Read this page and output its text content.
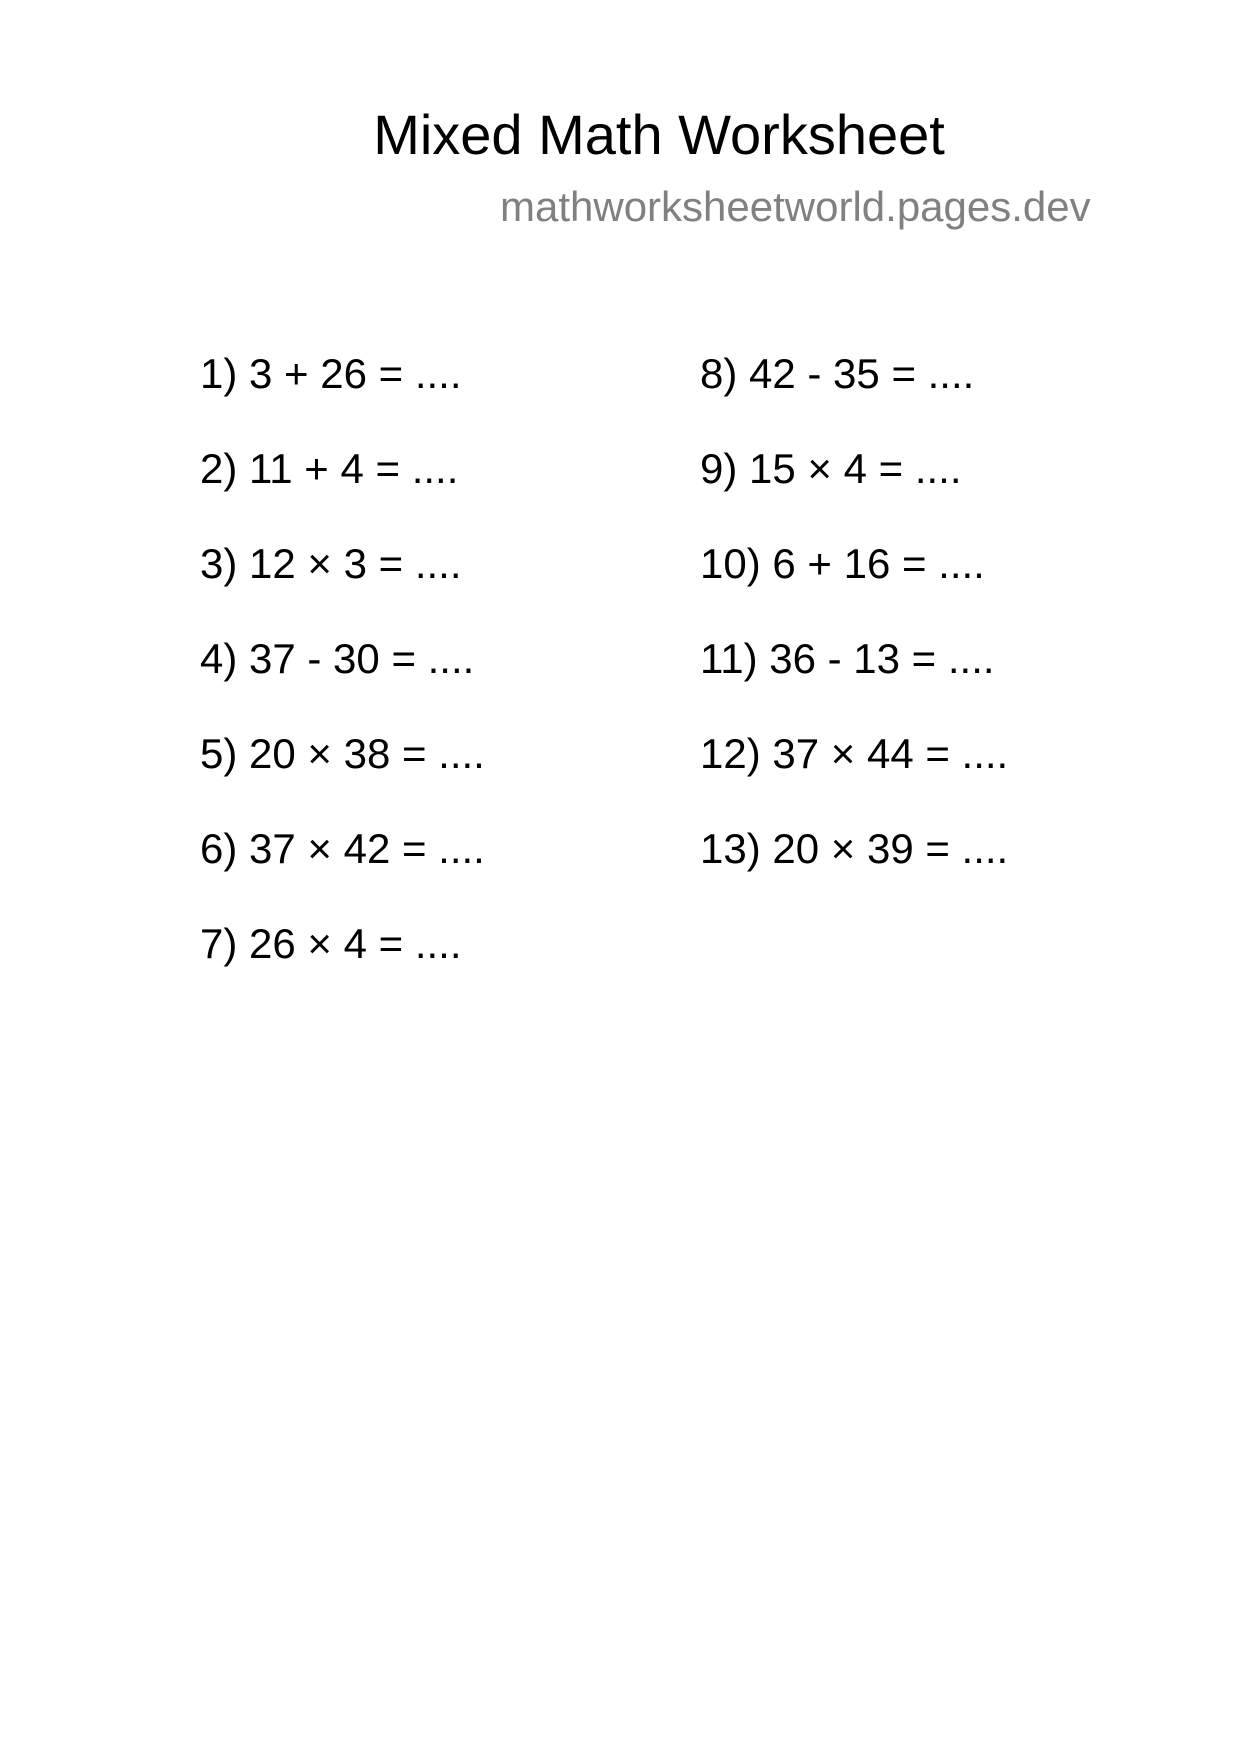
Mixed Math Worksheet
mathworksheetworld.pages.dev
1) 3 + 26 = ....
2) 11 + 4 = ....
3) 12 × 3 = ....
4) 37 - 30 = ....
5) 20 × 38 = ....
6) 37 × 42 = ....
7) 26 × 4 = ....
8) 42 - 35 = ....
9) 15 × 4 = ....
10) 6 + 16 = ....
11) 36 - 13 = ....
12) 37 × 44 = ....
13) 20 × 39 = ....
